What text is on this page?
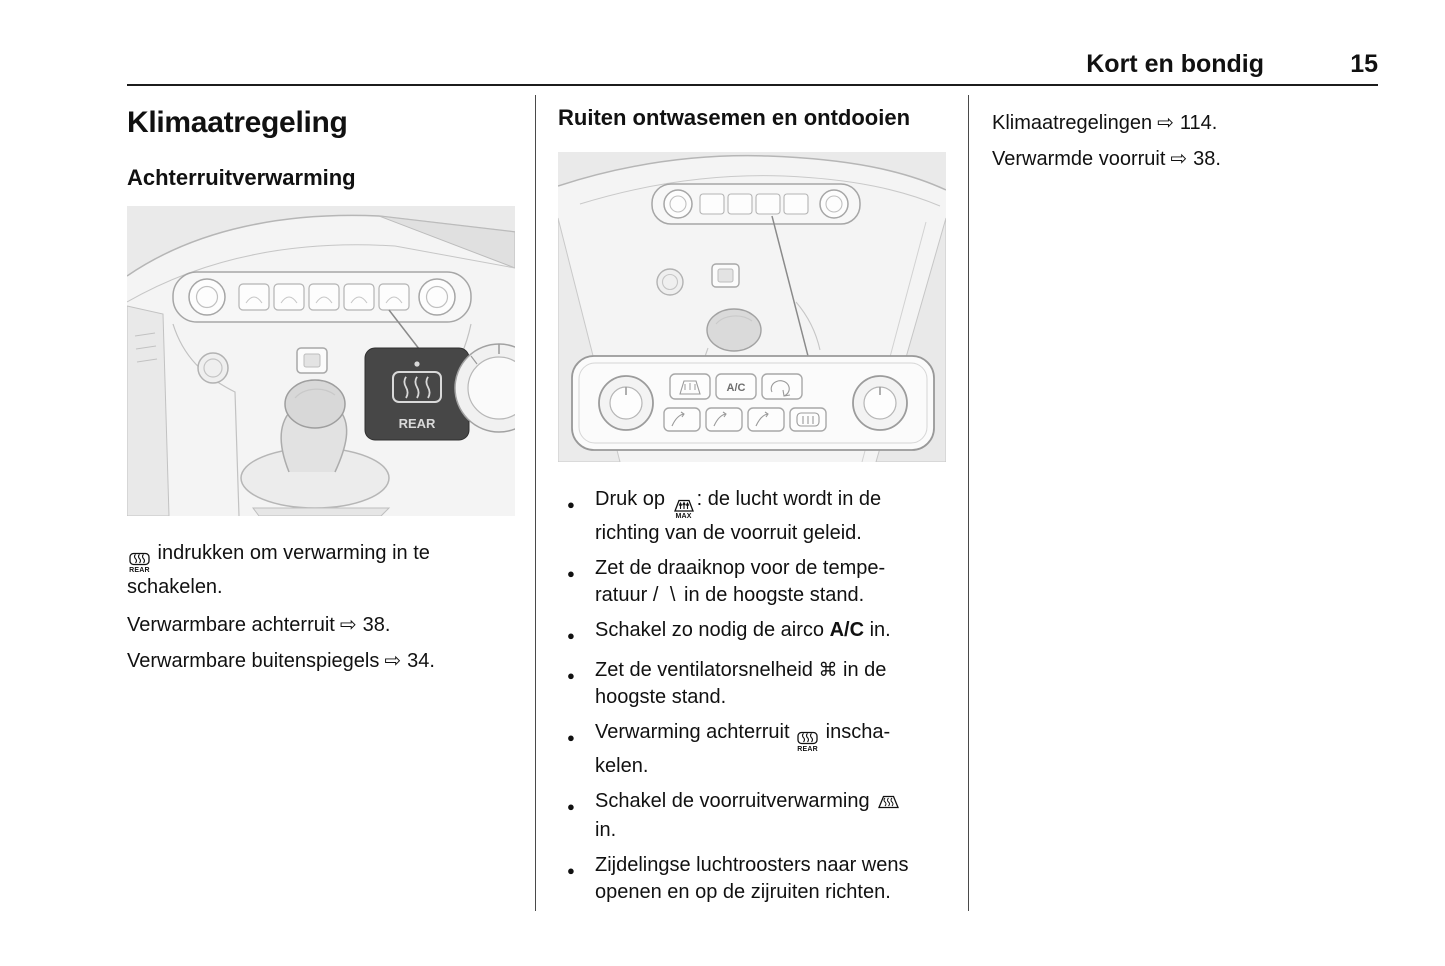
Kort en bondig	15
Klimaatregeling
Achterruitverwarming
REAR
REAR
indrukken om verwarming in te schakelen.
Verwarmbare achterruit ⇨ 38.
Verwarmbare buitenspiegels ⇨ 34.
Ruiten ontwasemen en ontdooien
A/C
●	Druk op
MAX
: de lucht wordt in de richting van de voorruit geleid.
●	Zet de draaiknop voor de temperatuur / \ in de hoogste stand.
●	Schakel zo nodig de airco A/C in.
●	Zet de ventilatorsnelheid ⌘ in de hoogste stand.
●	Verwarming achterruit
REAR
inschakelen.
●	Schakel de voorruitverwarming  in.
●	Zijdelingse luchtroosters naar wens openen en op de zijruiten richten.
Klimaatregelingen ⇨ 114.
Verwarmde voorruit ⇨ 38.
